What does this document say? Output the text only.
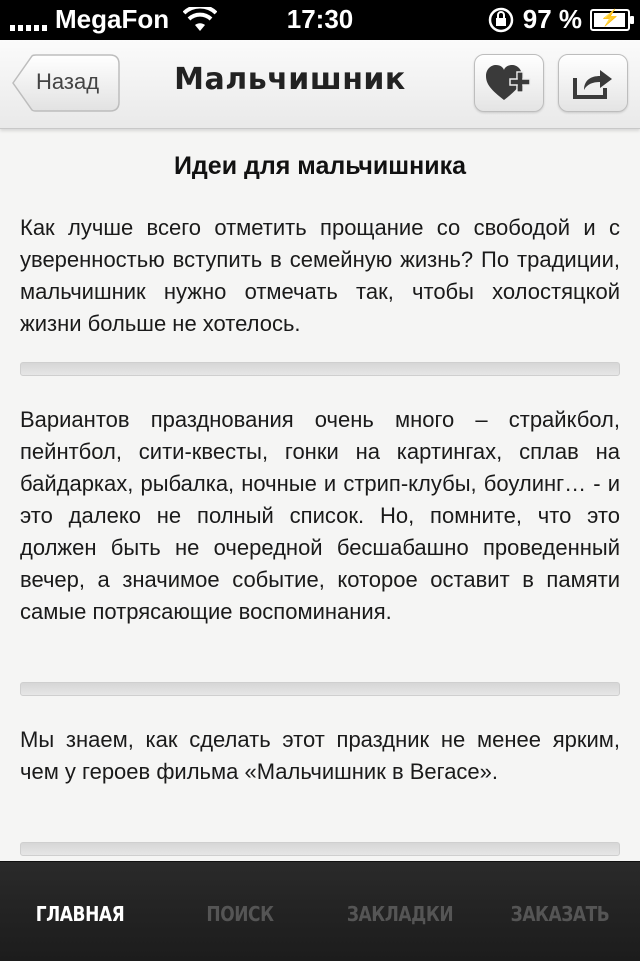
MegaFon	17:30	97 %	⚡
Назад	Мальчишник
Идеи для мальчишника

Как лучше всего отметить прощание со свободой и с уверенностью вступить в семейную жизнь? По традиции, мальчишник нужно отмечать так, чтобы холостяцкой жизни больше не хотелось.

Вариантов празднования очень много – страйкбол, пейнтбол, сити-квесты, гонки на картингах, сплав на байдарках, рыбалка, ночные и стрип-клубы, боулинг… - и это далеко не полный список. Но, помните, что это должен быть не очередной бесшабашно проведенный вечер, а значимое событие, которое оставит в памяти самые потрясающие воспоминания.

Мы знаем, как сделать этот праздник не менее ярким, чем у героев фильма «Мальчишник в Вегасе».

ГЛАВНАЯ	ПОИСК	ЗАКЛАДКИ	ЗАКАЗАТЬ
